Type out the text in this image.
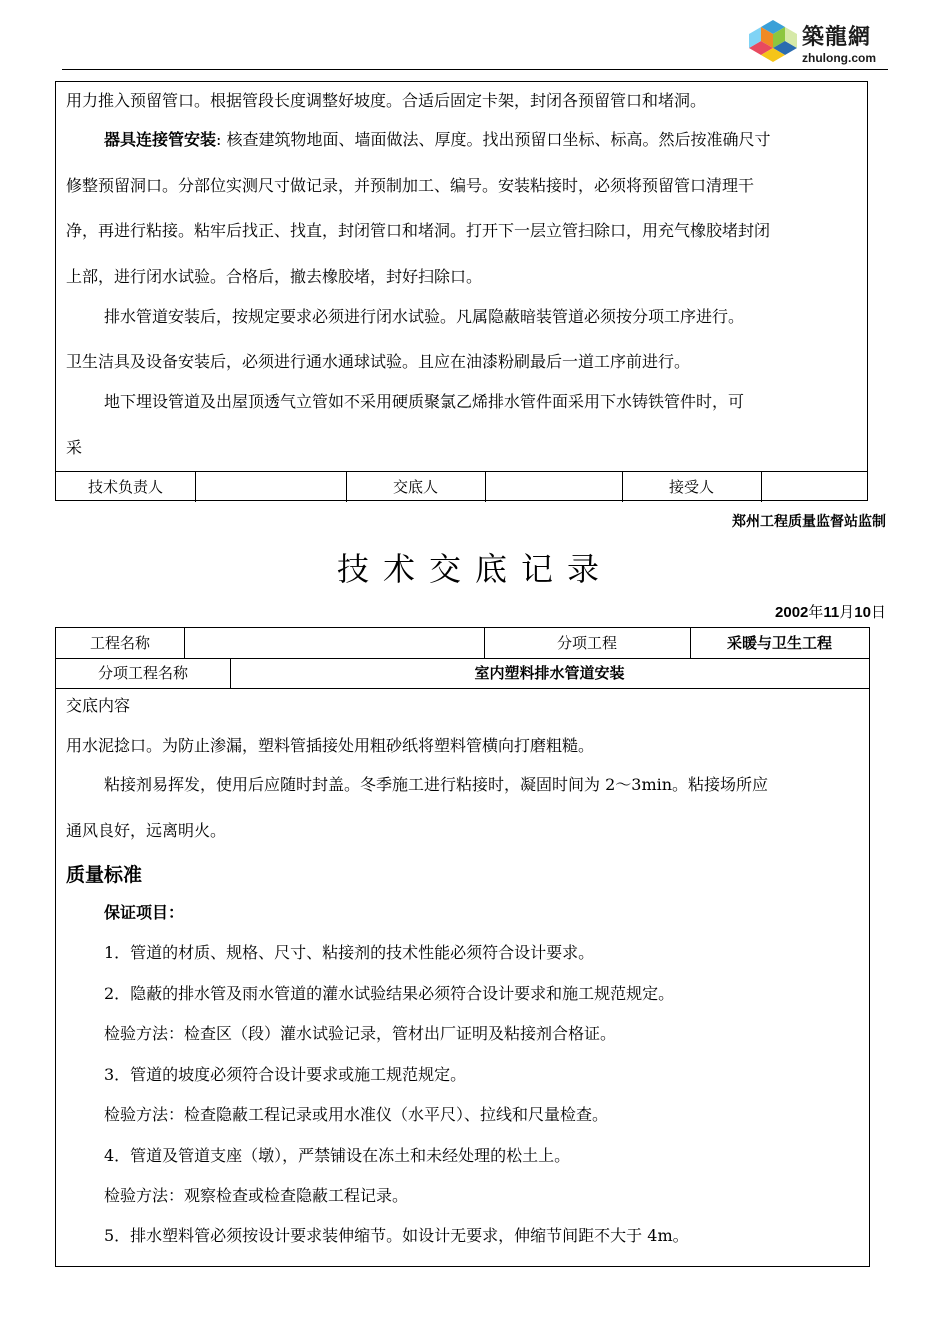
築龍網
zhulong.com
用力推入预留管口。根据管段长度调整好坡度。合适后固定卡架，封闭各预留管口和堵洞。
器具连接管安装: 核查建筑物地面、墙面做法、厚度。找出预留口坐标、标高。然后按准确尺寸
修整预留洞口。分部位实测尺寸做记录，并预制加工、编号。安装粘接时，必须将预留管口清理干
净，再进行粘接。粘牢后找正、找直，封闭管口和堵洞。打开下一层立管扫除口，用充气橡胶堵封闭
上部，进行闭水试验。合格后，撤去橡胶堵，封好扫除口。
排水管道安装后，按规定要求必须进行闭水试验。凡属隐蔽暗装管道必须按分项工序进行。
卫生洁具及设备安装后，必须进行通水通球试验。且应在油漆粉刷最后一道工序前进行。
地下埋设管道及出屋顶透气立管如不采用硬质聚氯乙烯排水管件面采用下水铸铁管件时，可
采
技术负责人	交底人	接受人
郑州工程质量监督站监制
技术交底记录
2002年11月10日
工程名称	分项工程	采暖与卫生工程
分项工程名称	室内塑料排水管道安装
交底内容
用水泥捻口。为防止渗漏，塑料管插接处用粗砂纸将塑料管横向打磨粗糙。
粘接剂易挥发，使用后应随时封盖。冬季施工进行粘接时，凝固时间为 2～3min。粘接场所应
通风良好，远离明火。
质量标准
保证项目：
1．管道的材质、规格、尺寸、粘接剂的技术性能必须符合设计要求。
2．隐蔽的排水管及雨水管道的灌水试验结果必须符合设计要求和施工规范规定。
检验方法：检查区（段）灌水试验记录，管材出厂证明及粘接剂合格证。
3．管道的坡度必须符合设计要求或施工规范规定。
检验方法：检查隐蔽工程记录或用水准仪（水平尺）、拉线和尺量检查。
4．管道及管道支座（墩），严禁铺设在冻土和未经处理的松土上。
检验方法：观察检查或检查隐蔽工程记录。
5．排水塑料管必须按设计要求装伸缩节。如设计无要求，伸缩节间距不大于 4m。
